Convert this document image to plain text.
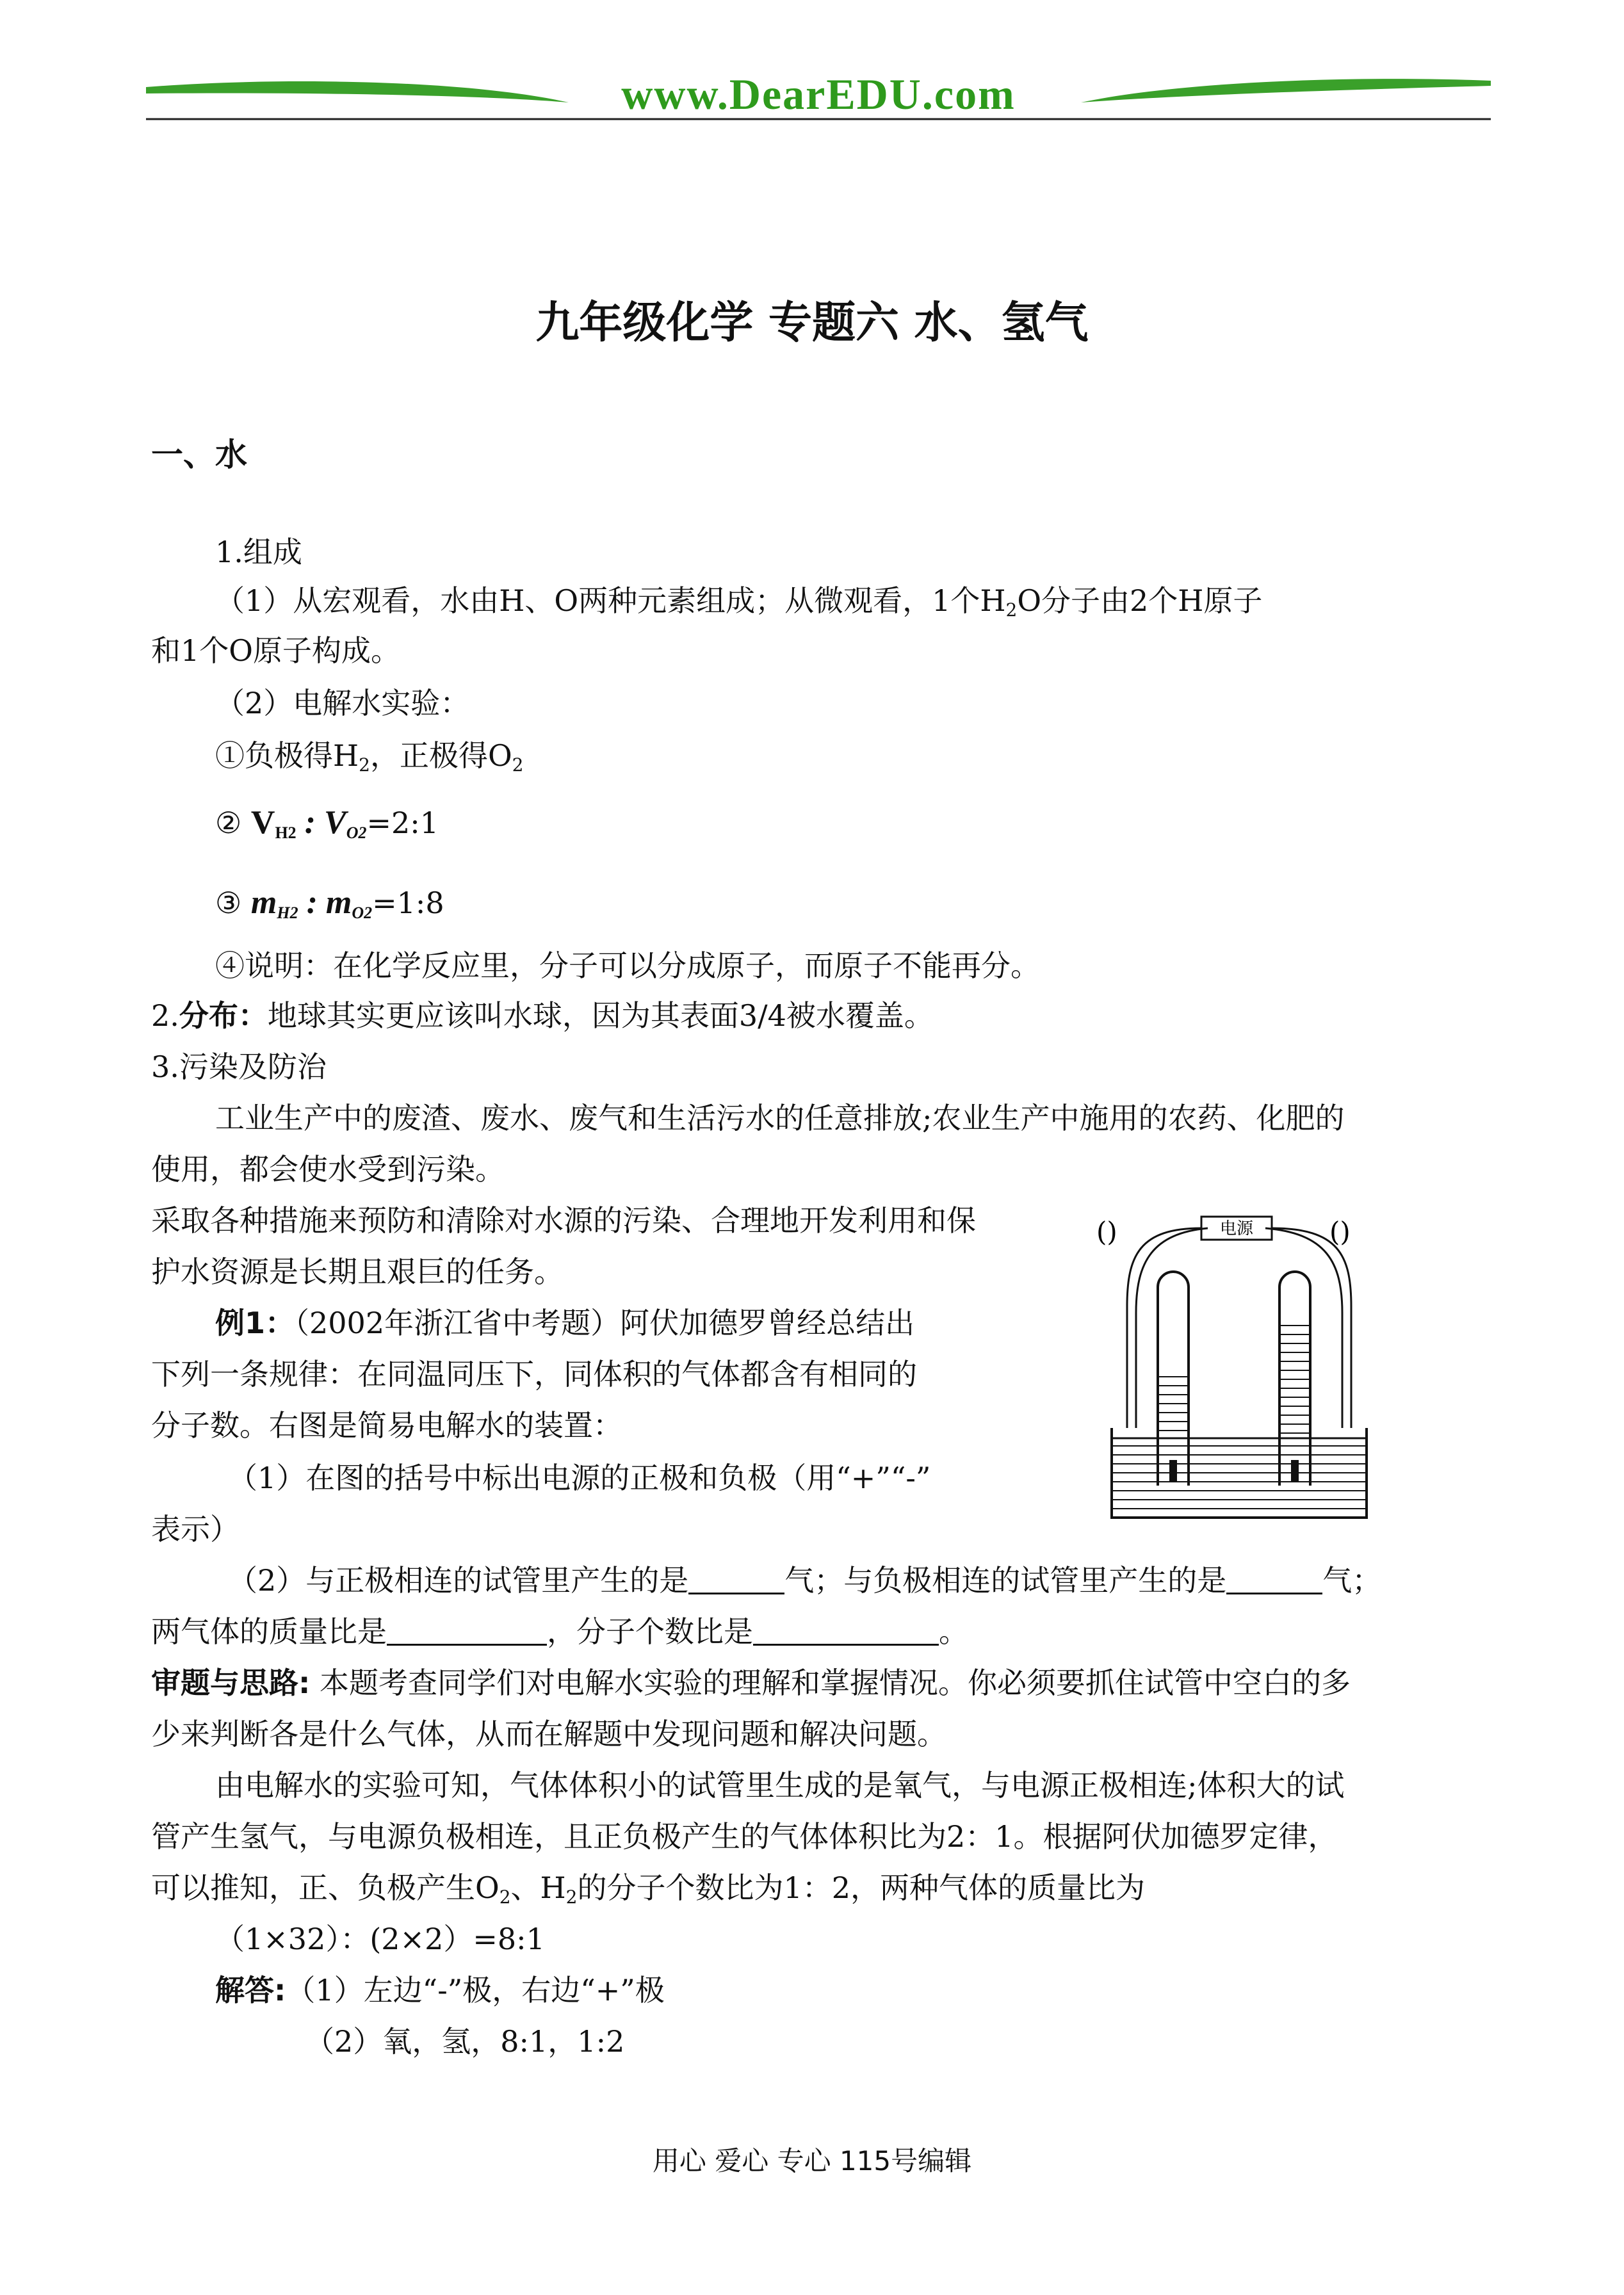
www.DearEDU.com
九年级化学 专题六 水、氢气
一、水
1.组成
（1）从宏观看，水由H、O两种元素组成；从微观看，1个$H_2O$分子由2个H原子
和1个O原子构成。
（2）电解水实验：
①负极得$H_2$，正极得$O_2$
② $V_{H2}$ : $V_{O2}=2:1$
③ $m_{H2}$ : $m_{O2}=1:8$
④说明：在化学反应里，分子可以分成原子，而原子不能再分。
2.分布：地球其实更应该叫水球，因为其表面3/4被水覆盖。
3.污染及防治
工业生产中的废渣、废水、废气和生活污水的任意排放;农业生产中施用的农药、化肥的
使用，都会使水受到污染。
采取各种措施来预防和清除对水源的污染、合理地开发利用和保
护水资源是长期且艰巨的任务。
例1：（2002年浙江省中考题）阿伏加德罗曾经总结出
下列一条规律：在同温同压下，同体积的气体都含有相同的
分子数。右图是简易电解水的装置：
（1）在图的括号中标出电源的正极和负极（用“+”“-”
表示）
（2）与正极相连的试管里产生的是	气；与负极相连的试管里产生的是	气；
两气体的质量比是	，分子个数比是	。
审题与思路: 本题考查同学们对电解水实验的理解和掌握情况。你必须要抓住试管中空白的多
少来判断各是什么气体，从而在解题中发现问题和解决问题。
由电解水的实验可知，气体体积小的试管里生成的是氧气，与电源正极相连;体积大的试
管产生氢气，与电源负极相连，且正负极产生的气体体积比为2：1。根据阿伏加德罗定律，
可以推知，正、负极产生$O_2$、$H_2$的分子个数比为1：2，两种气体的质量比为
（1×32）：(2×2）=8:1
解答:（1）左边“-”极，右边“+”极
（2）氧，氢，8:1，1:2
()	()
电源
用心 爱心 专心 115号编辑
